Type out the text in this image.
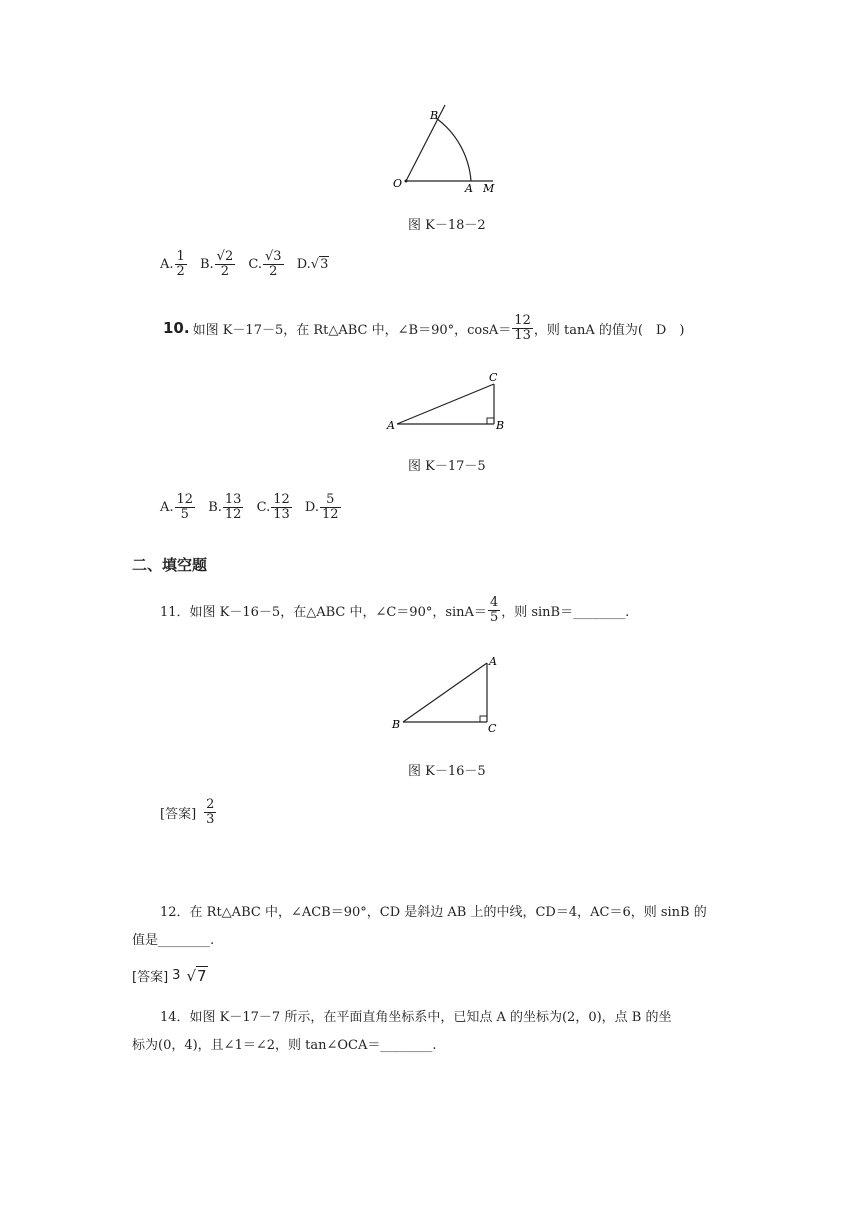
B
O	A M
图 K－18－2
A. $\frac{1}{2}$
B. $\frac{√2}{2}$
C. $\frac{√3}{2}$
D. √ 3
10. 如图 K－17－5，在 Rt△ABC 中，∠B＝90°，$\cos A= \frac{12}{13}$ ，则 tanA 的值为(　D　)
A	B
C
图 K－17－5
A. $\frac{12}{5}$
B. $\frac{13}{12}$
C. $\frac{12}{13}$
D. $\frac{5}{12}$
二、填空题
11．如图 K－16－5，在△ABC 中，∠C＝90°，$\sin A= \frac{4}{5}$ ，则 sinB＝________.
A
B	C
图 K－16－5
[答案] $\frac{2}{3}$
12．在 Rt△ABC 中，∠ACB＝90°，CD 是斜边 AB 上的中线，CD＝4，AC＝6，则 sinB 的
值是________.
[答案] 3 √ 7
14．如图 K－17－7 所示，在平面直角坐标系中，已知点 A 的坐标为(2，0)，点 B 的坐
标为(0，4)，且∠1＝∠2，则 tan∠OCA＝________.
